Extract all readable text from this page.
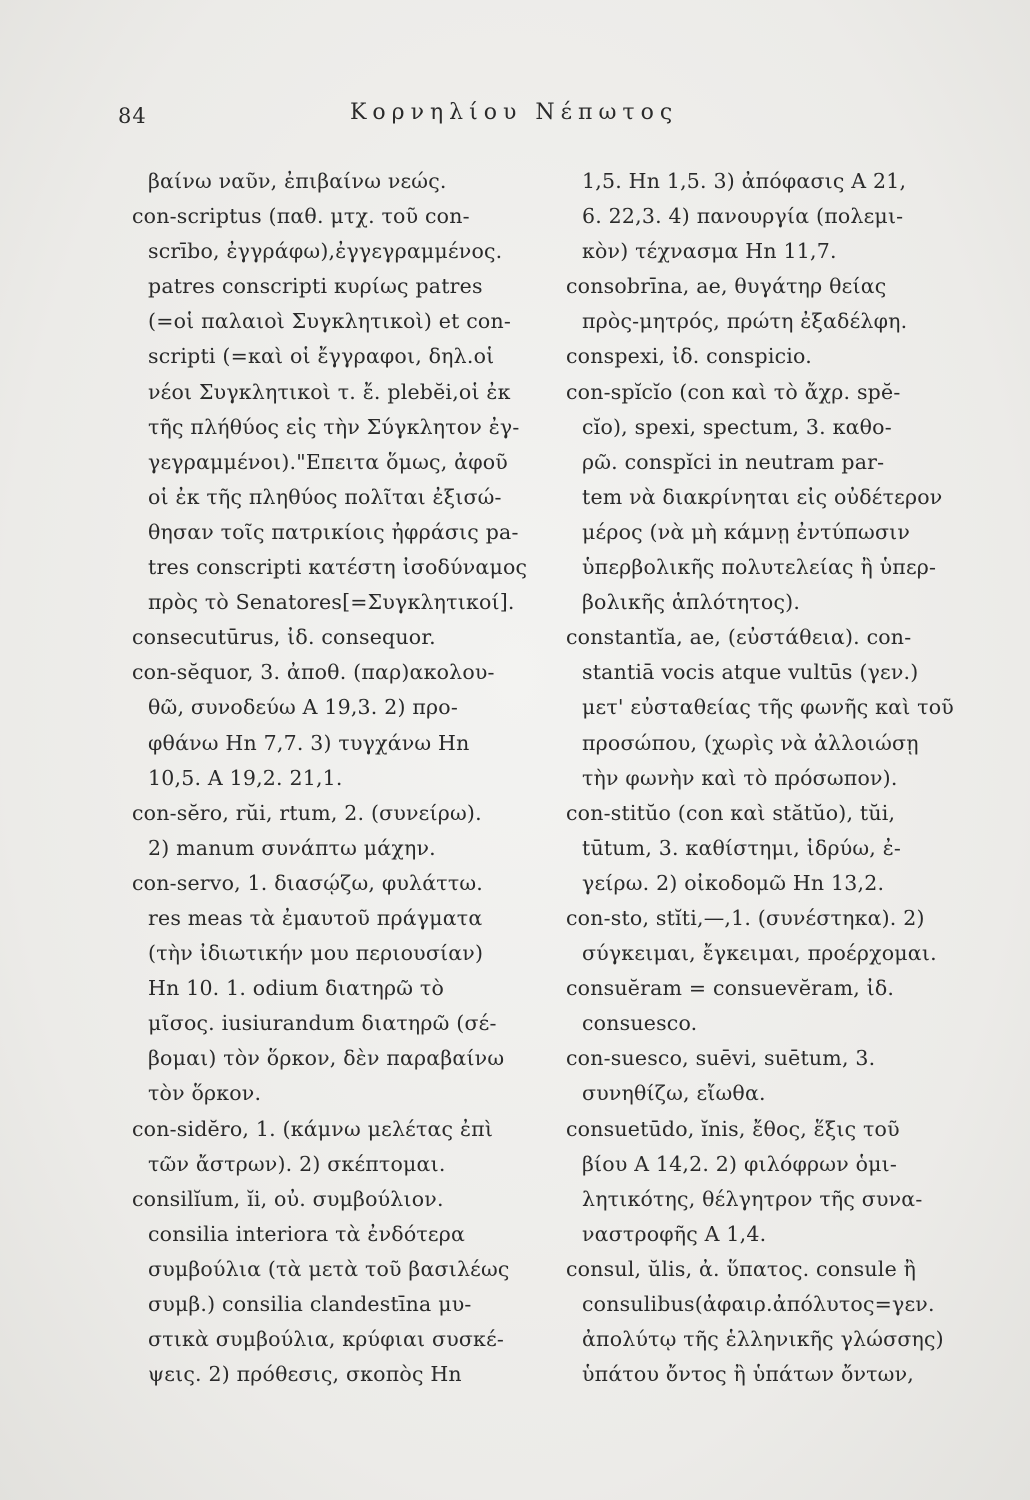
84	Κορνηλίου Νέπωτος
βαίνω ναῦν, ἐπιβαίνω νεώς.
con-scriptus (παθ. μτχ. τοῦ con-
scrībo, ἐγγράφω),ἐγγεγραμμένος.
patres conscripti κυρίως patres
(=οἱ παλαιοὶ Συγκλητικοὶ) et con-
scripti (=καὶ οἱ ἔγγραφοι, δηλ.οἱ
νέοι Συγκλητικοὶ τ. ἔ. plebĕi,οἱ ἐκ
τῆς πλήθύος εἰς τὴν Σύγκλητον ἐγ-
γεγραμμένοι)."Επειτα ὅμως, ἀφοῦ
οἱ ἐκ τῆς πληθύος πολῖται ἐξισώ-
θησαν τοῖς πατρικίοις ἠφράσις pa-
tres conscripti κατέστη ἰσοδύναμος
πρὸς τὸ Senatores[=Συγκλητικοί].
consecutūrus, ἰδ. consequor.
con-sĕquor, 3. ἀποθ. (παρ)ακολου-
θῶ, συνοδεύω A 19,3. 2) προ-
φθάνω Hn 7,7. 3) τυγχάνω Hn
10,5. A 19,2. 21,1.
con-sĕro, rŭi, rtum, 2. (συνείρω).
2) manum συνάπτω μάχην.
con-servo, 1. διασῴζω, φυλάττω.
res meas τὰ ἐμαυτοῦ πράγματα
(τὴν ἰδιωτικήν μου περιουσίαν)
Hn 10. 1. odium διατηρῶ τὸ
μῖσος. iusiurandum διατηρῶ (σέ-
βομαι) τὸν ὅρκον, δὲν παραβαίνω
τὸν ὅρκον.
con-sidĕro, 1. (κάμνω μελέτας ἐπὶ
τῶν ἄστρων). 2) σκέπτομαι.
consilĭum, ĭi, οὐ. συμβούλιον.
consilia interiora τὰ ἐνδότερα
συμβούλια (τὰ μετὰ τοῦ βασιλέως
συμβ.) consilia clandestīna μυ-
στικὰ συμβούλια, κρύφιαι συσκέ-
ψεις. 2) πρόθεσις, σκοπὸς Hn
1,5. Hn 1,5. 3) ἀπόφασις A 21,
6. 22,3. 4) πανουργία (πολεμι-
κὸν) τέχνασμα Hn 11,7.
consobrīna, ae, θυγάτηρ θείας
πρὸς-μητρός, πρώτη ἐξαδέλφη.
conspexi, ἰδ. conspicio.
con-spĭcĭo (con καὶ τὸ ἄχρ. spĕ-
cĭo), spexi, spectum, 3. καθο-
ρῶ. conspĭci in neutram par-
tem νὰ διακρίνηται εἰς οὐδέτερον
μέρος (νὰ μὴ κάμνῃ ἐντύπωσιν
ὑπερβολικῆς πολυτελείας ἢ ὑπερ-
βολικῆς ἁπλότητος).
constantĭa, ae, (εὐστάθεια). con-
stantiā vocis atque vultūs (γεν.)
μετ' εὐσταθείας τῆς φωνῆς καὶ τοῦ
προσώπου, (χωρὶς νὰ ἀλλοιώσῃ
τὴν φωνὴν καὶ τὸ πρόσωπον).
con-stitŭo (con καὶ stătŭo), tŭi,
tūtum, 3. καθίστημι, ἱδρύω, ἐ-
γείρω. 2) οἰκοδομῶ Hn 13,2.
con-sto, stĭti,—,1. (συνέστηκα). 2)
σύγκειμαι, ἔγκειμαι, προέρχομαι.
consuĕram = consuevĕram, ἰδ.
consuesco.
con-suesco, suēvi, suētum, 3.
συνηθίζω, εἴωθα.
consuetūdo, ĭnis, ἔθος, ἕξις τοῦ
βίου A 14,2. 2) φιλόφρων ὁμι-
λητικότης, θέλγητρον τῆς συνα-
ναστροφῆς A 1,4.
consul, ŭlis, ἀ. ὕπατος. consule ἢ
consulibus(ἀφαιρ.ἀπόλυτος=γεν.
ἀπολύτῳ τῆς ἑλληνικῆς γλώσσης)
ὑπάτου ὄντος ἢ ὑπάτων ὄντων,
